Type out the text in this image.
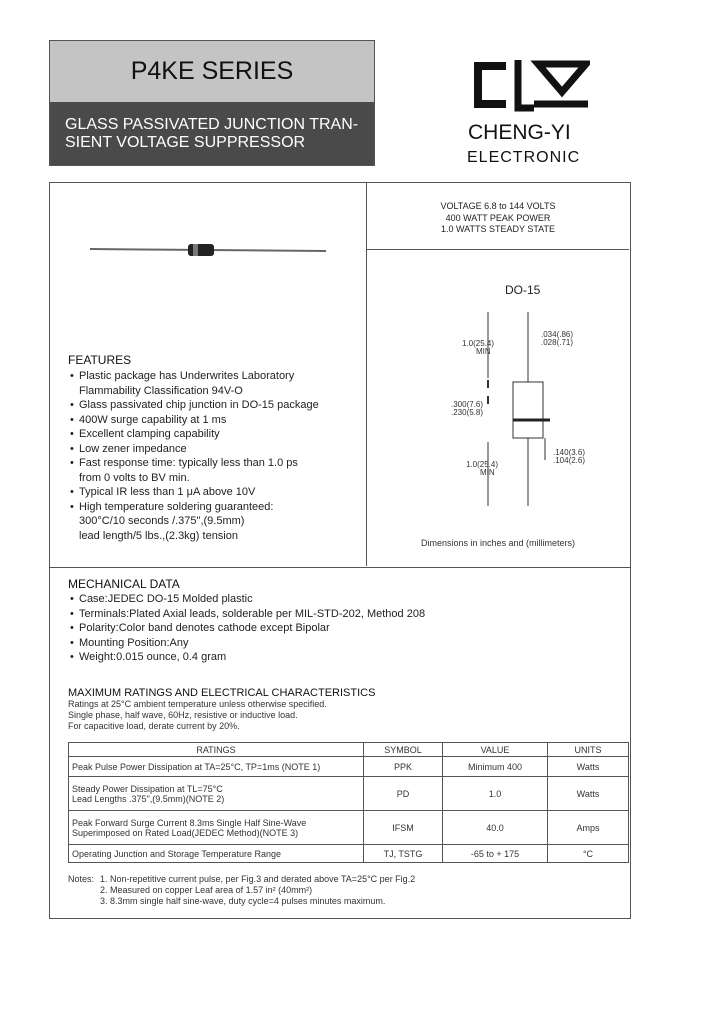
P4KE SERIES
GLASS PASSIVATED JUNCTION TRAN-
SIENT VOLTAGE SUPPRESSOR	CHENG-YI
ELECTRONIC
VOLTAGE 6.8 to 144 VOLTS
400 WATT PEAK POWER
1.0 WATTS STEADY STATE
DO-15
1.0(25.4)
MIN
.034(.86)
.028(.71)
.300(7.6)
.230(5.8)
.140(3.6)
.104(2.6)
1.0(25.4)
MIN
Dimensions in inches and (millimeters)
FEATURES
• Plastic package has Underwrites Laboratory
Flammability Classification 94V-O
• Glass passivated chip junction in DO-15 package
• 400W surge capability at 1 ms
• Excellent clamping capability
• Low zener impedance
• Fast response time: typically less than 1.0 ps
from 0 volts to BV min.
• Typical IR less than 1 μA above 10V
• High temperature soldering guaranteed:
300°C/10 seconds /.375",(9.5mm)
lead length/5 lbs.,(2.3kg) tension
MECHANICAL DATA
• Case:JEDEC DO-15 Molded plastic
• Terminals:Plated Axial leads, solderable per MIL-STD-202, Method 208
• Polarity:Color band denotes cathode except Bipolar
• Mounting Position:Any
• Weight:0.015 ounce, 0.4 gram
MAXIMUM RATINGS AND ELECTRICAL CHARACTERISTICS
Ratings at 25°C ambient temperature unless otherwise specified.
Single phase, half wave, 60Hz, resistive or inductive load.
For capacitive load, derate current by 20%.
RATINGS	SYMBOL	VALUE	UNITS
Peak Pulse Power Dissipation at TA=25°C, TP=1ms (NOTE 1)	PPK	Minimum 400	Watts

Steady Power Dissipation at TL=75°C
Lead Lengths .375",(9.5mm)(NOTE 2)	PD	1.0	Watts

Peak Forward Surge Current 8.3ms Single Half Sine-Wave
Superimposed on Rated Load(JEDEC Method)(NOTE 3)	IFSM	40.0	Amps
Operating Junction and Storage Temperature Range	TJ, TSTG	-65 to + 175	°C
Notes: 1. Non-repetitive current pulse, per Fig.3 and derated above TA=25°C per Fig.2
2. Measured on copper Leaf area of 1.57 in² (40mm²)
3. 8.3mm single half sine-wave, duty cycle=4 pulses minutes maximum.
